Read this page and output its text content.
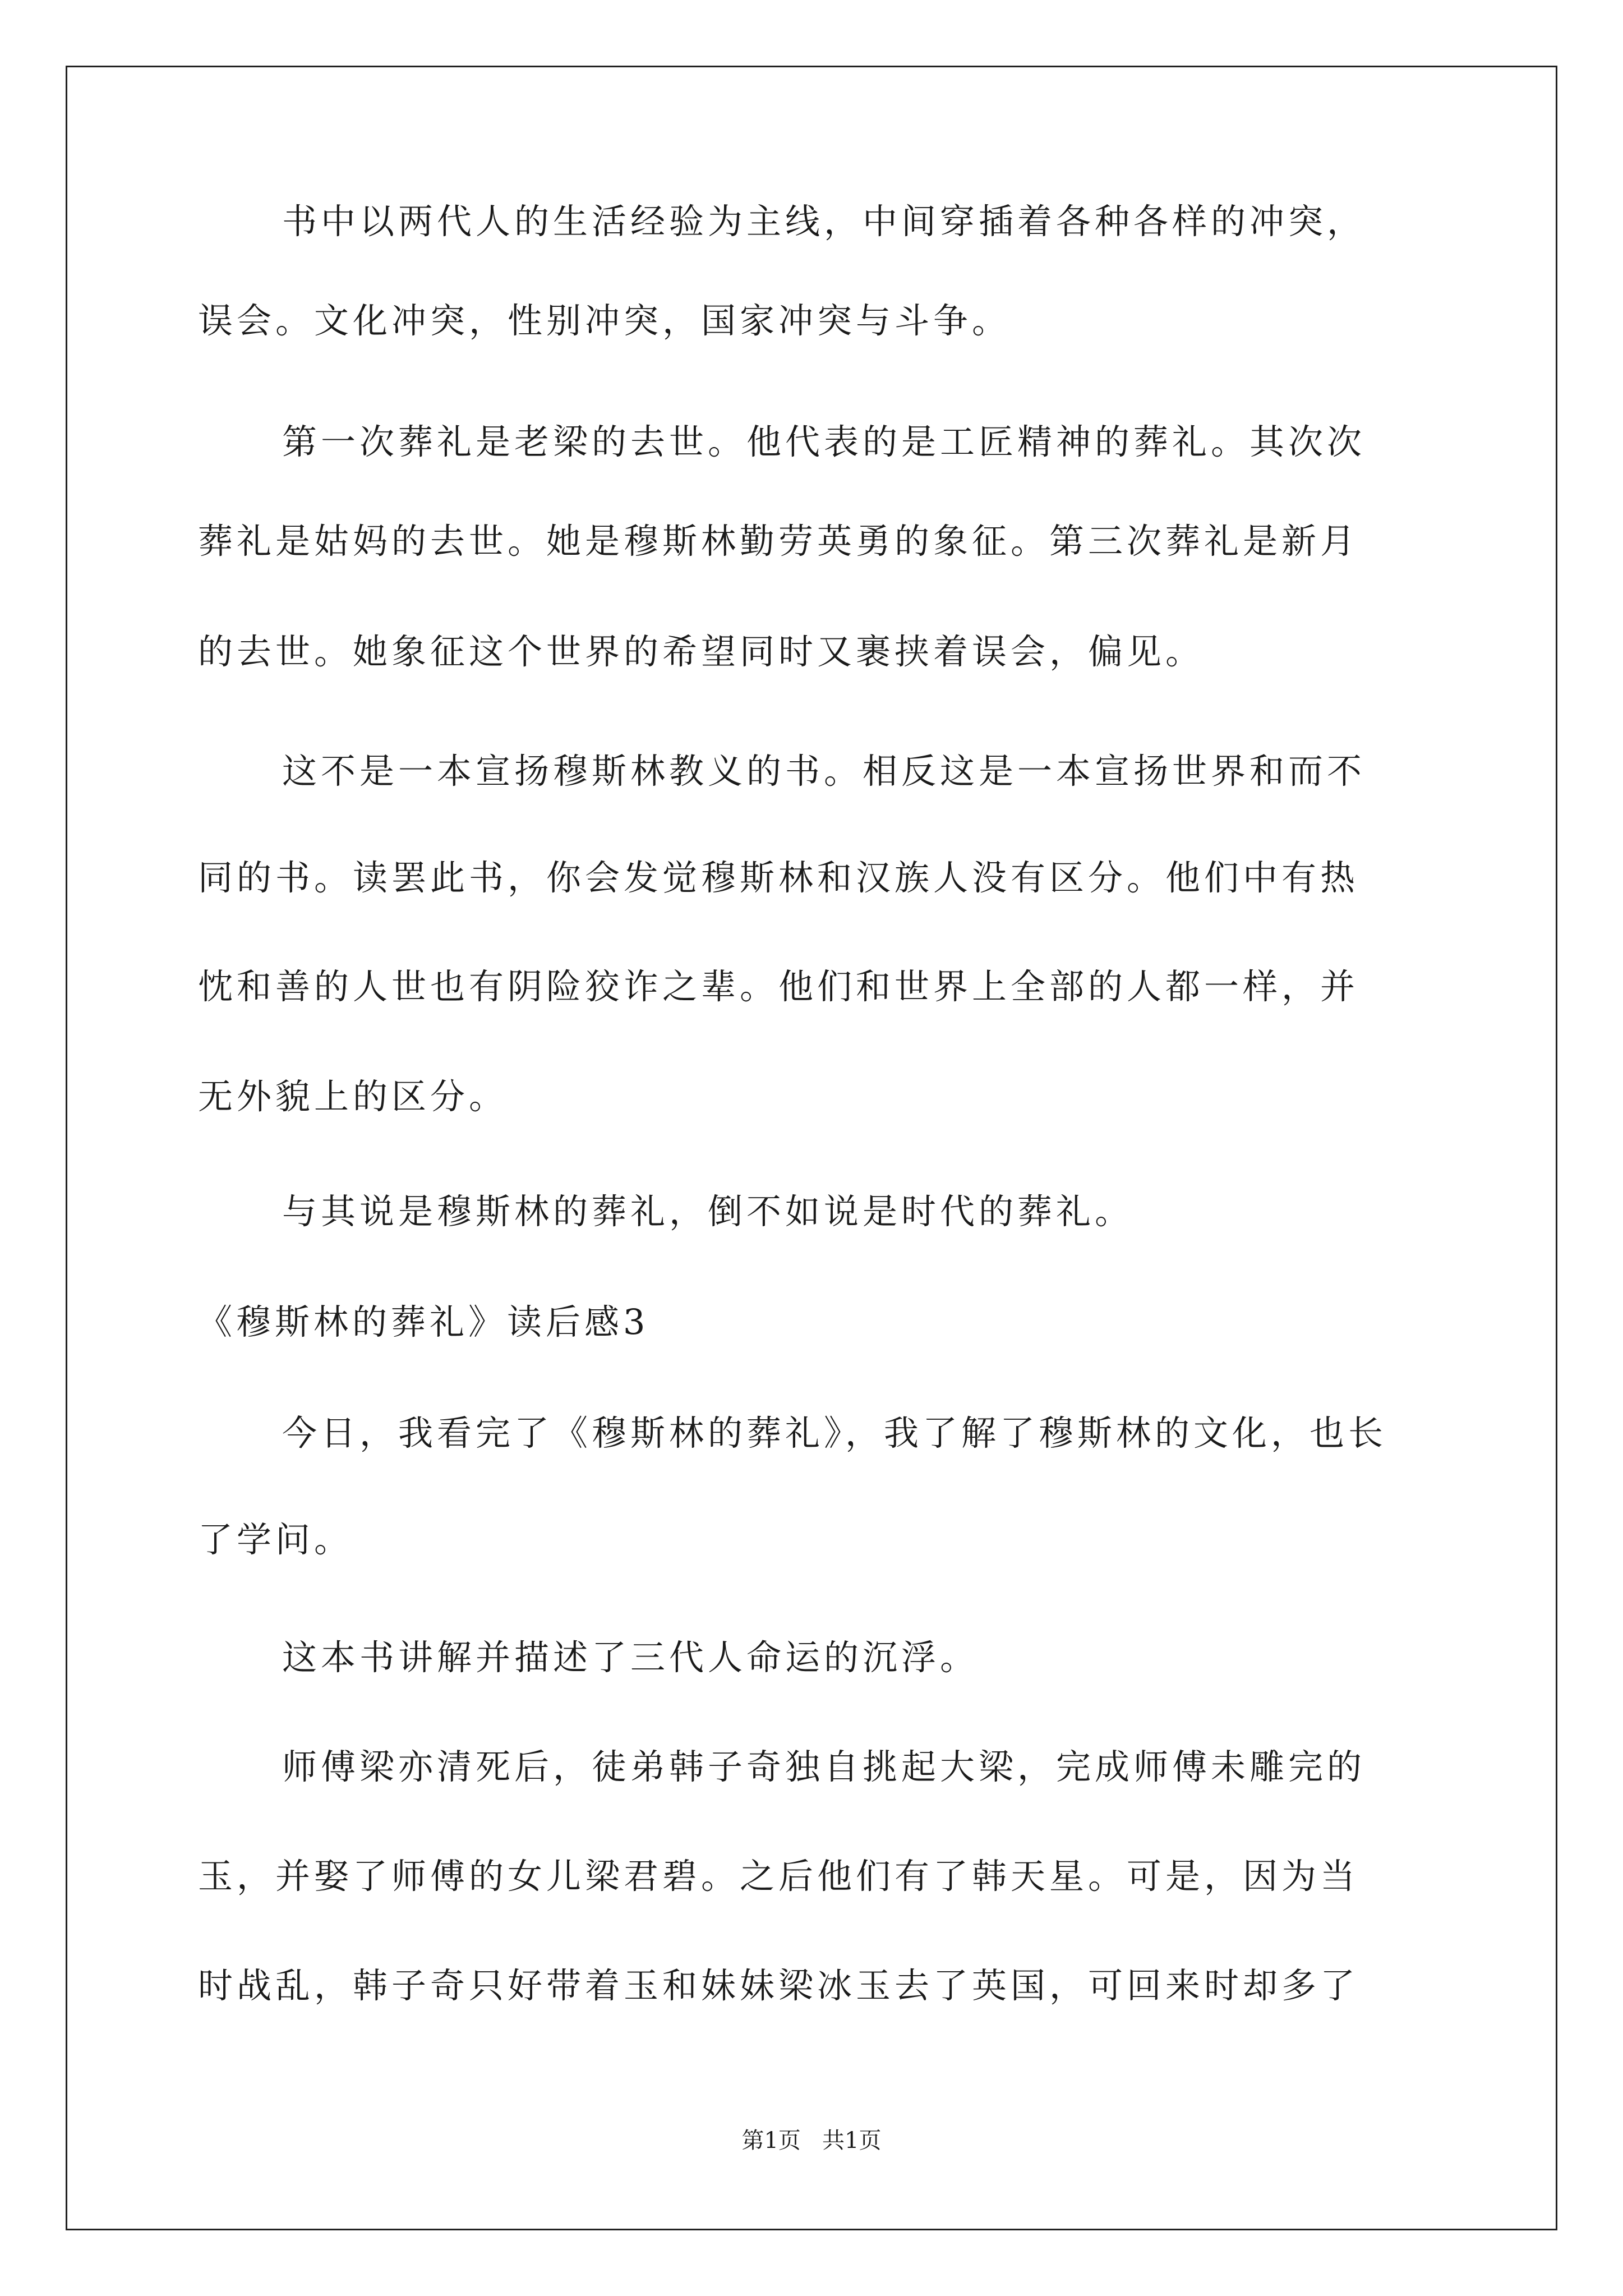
书中以两代人的生活经验为主线，中间穿插着各种各样的冲突，
误会。文化冲突，性别冲突，国家冲突与斗争。
第一次葬礼是老梁的去世。他代表的是工匠精神的葬礼。其次次
葬礼是姑妈的去世。她是穆斯林勤劳英勇的象征。第三次葬礼是新月
的去世。她象征这个世界的希望同时又裹挟着误会，偏见。
这不是一本宣扬穆斯林教义的书。相反这是一本宣扬世界和而不
同的书。读罢此书，你会发觉穆斯林和汉族人没有区分。他们中有热
忱和善的人世也有阴险狡诈之辈。他们和世界上全部的人都一样，并
无外貌上的区分。
与其说是穆斯林的葬礼，倒不如说是时代的葬礼。
《穆斯林的葬礼》读后感3
今日，我看完了《穆斯林的葬礼》，我了解了穆斯林的文化，也长
了学问。
这本书讲解并描述了三代人命运的沉浮。
师傅梁亦清死后，徒弟韩子奇独自挑起大梁，完成师傅未雕完的
玉，并娶了师傅的女儿梁君碧。之后他们有了韩天星。可是，因为当
时战乱，韩子奇只好带着玉和妹妹梁冰玉去了英国，可回来时却多了
第1页   共1页
